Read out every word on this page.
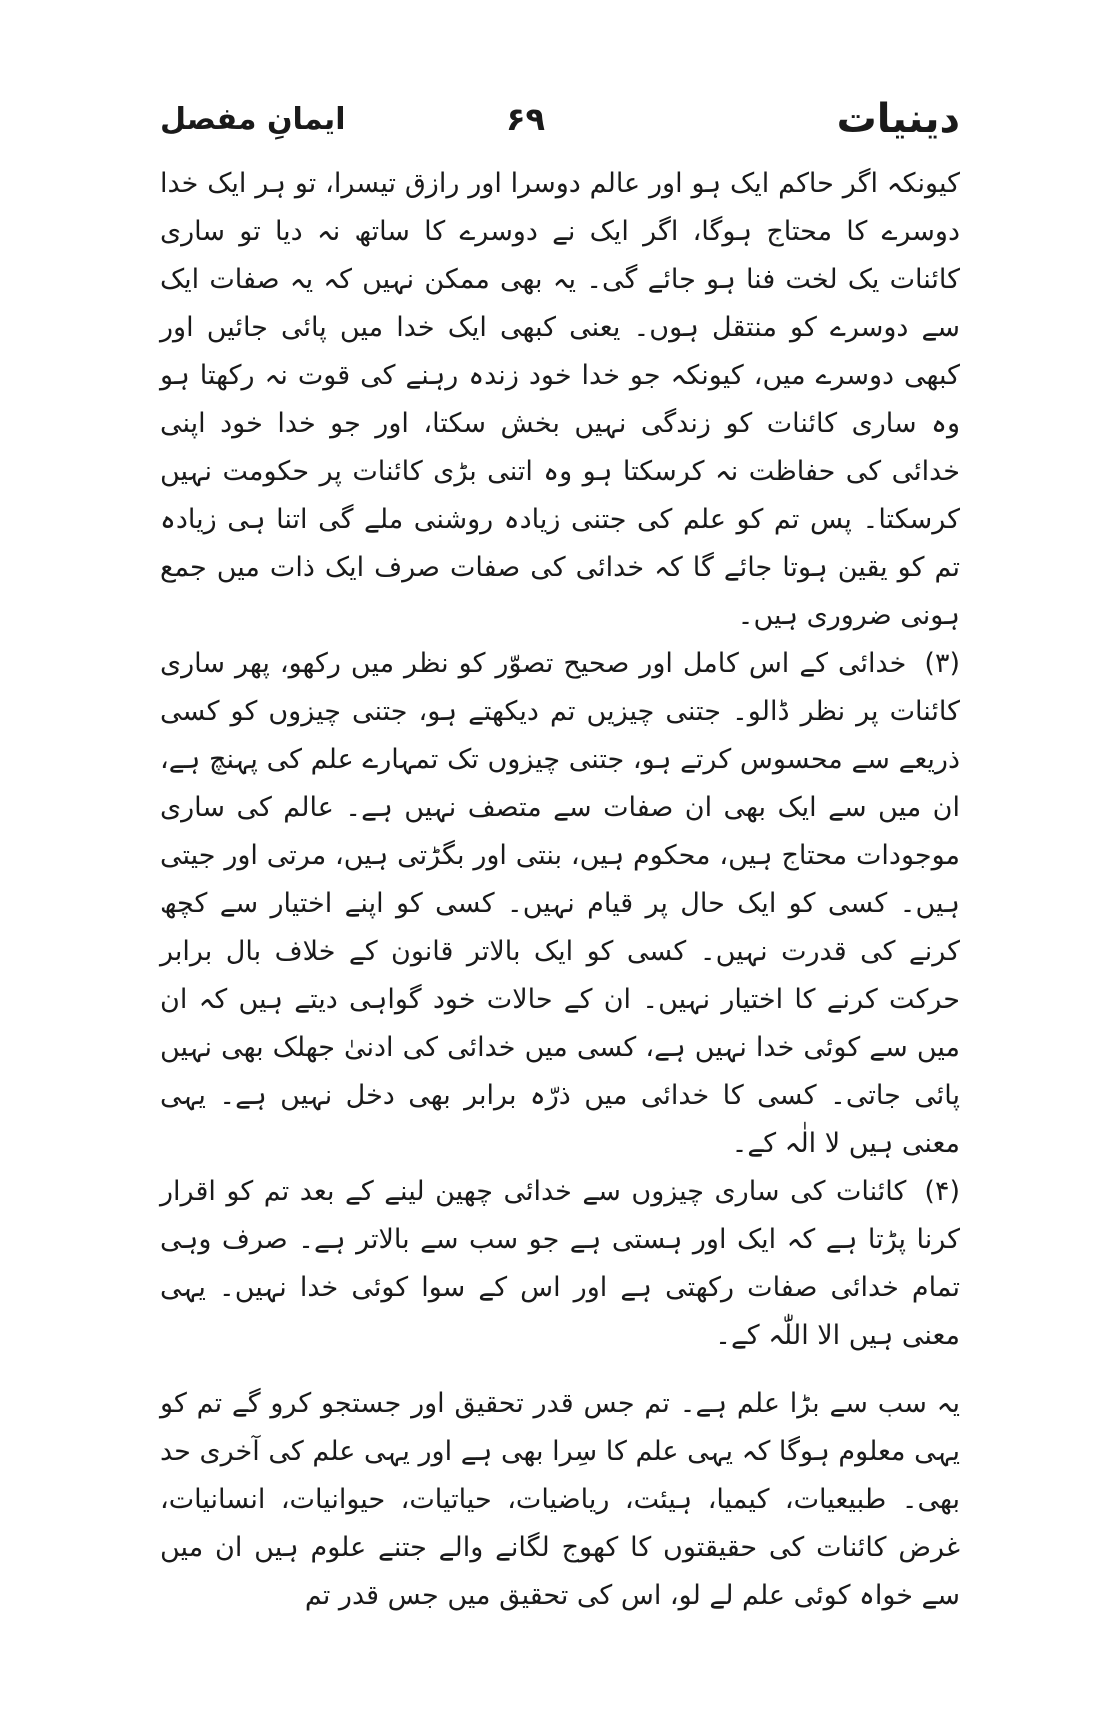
دینیات
۶۹
ایمانِ مفصل

کیونکہ اگر حاکم ایک ہو اور عالم دوسرا اور رازق تیسرا، تو ہر ایک خدا دوسرے کا محتاج ہوگا، اگر ایک نے دوسرے کا ساتھ نہ دیا تو ساری کائنات یک لخت فنا ہو جائے گی۔ یہ بھی ممکن نہیں کہ یہ صفات ایک سے دوسرے کو منتقل ہوں۔ یعنی کبھی ایک خدا میں پائی جائیں اور کبھی دوسرے میں، کیونکہ جو خدا خود زندہ رہنے کی قوت نہ رکھتا ہو وہ ساری کائنات کو زندگی نہیں بخش سکتا، اور جو خدا خود اپنی خدائی کی حفاظت نہ کرسکتا ہو وہ اتنی بڑی کائنات پر حکومت نہیں کرسکتا۔ پس تم کو علم کی جتنی زیادہ روشنی ملے گی اتنا ہی زیادہ تم کو یقین ہوتا جائے گا کہ خدائی کی صفات صرف ایک ذات میں جمع ہونی ضروری ہیں۔

(۳)خدائی کے اس کامل اور صحیح تصوّر کو نظر میں رکھو، پھر ساری کائنات پر نظر ڈالو۔ جتنی چیزیں تم دیکھتے ہو، جتنی چیزوں کو کسی ذریعے سے محسوس کرتے ہو، جتنی چیزوں تک تمہارے علم کی پہنچ ہے، ان میں سے ایک بھی ان صفات سے متصف نہیں ہے۔ عالم کی ساری موجودات محتاج ہیں، محکوم ہیں، بنتی اور بگڑتی ہیں، مرتی اور جیتی ہیں۔ کسی کو ایک حال پر قیام نہیں۔ کسی کو اپنے اختیار سے کچھ کرنے کی قدرت نہیں۔ کسی کو ایک بالاتر قانون کے خلاف بال برابر حرکت کرنے کا اختیار نہیں۔ ان کے حالات خود گواہی دیتے ہیں کہ ان میں سے کوئی خدا نہیں ہے، کسی میں خدائی کی ادنیٰ جھلک بھی نہیں پائی جاتی۔ کسی کا خدائی میں ذرّہ برابر بھی دخل نہیں ہے۔ یہی معنی ہیں لا الٰہ کے۔

(۴)کائنات کی ساری چیزوں سے خدائی چھین لینے کے بعد تم کو اقرار کرنا پڑتا ہے کہ ایک اور ہستی ہے جو سب سے بالاتر ہے۔ صرف وہی تمام خدائی صفات رکھتی ہے اور اس کے سوا کوئی خدا نہیں۔ یہی معنی ہیں الا اللّٰہ کے۔

یہ سب سے بڑا علم ہے۔ تم جس قدر تحقیق اور جستجو کرو گے تم کو یہی معلوم ہوگا کہ یہی علم کا سِرا بھی ہے اور یہی علم کی آخری حد بھی۔ طبیعیات، کیمیا، ہیئت، ریاضیات، حیاتیات، حیوانیات، انسانیات، غرض کائنات کی حقیقتوں کا کھوج لگانے والے جتنے علوم ہیں ان میں سے خواہ کوئی علم لے لو، اس کی تحقیق میں جس قدر تم
